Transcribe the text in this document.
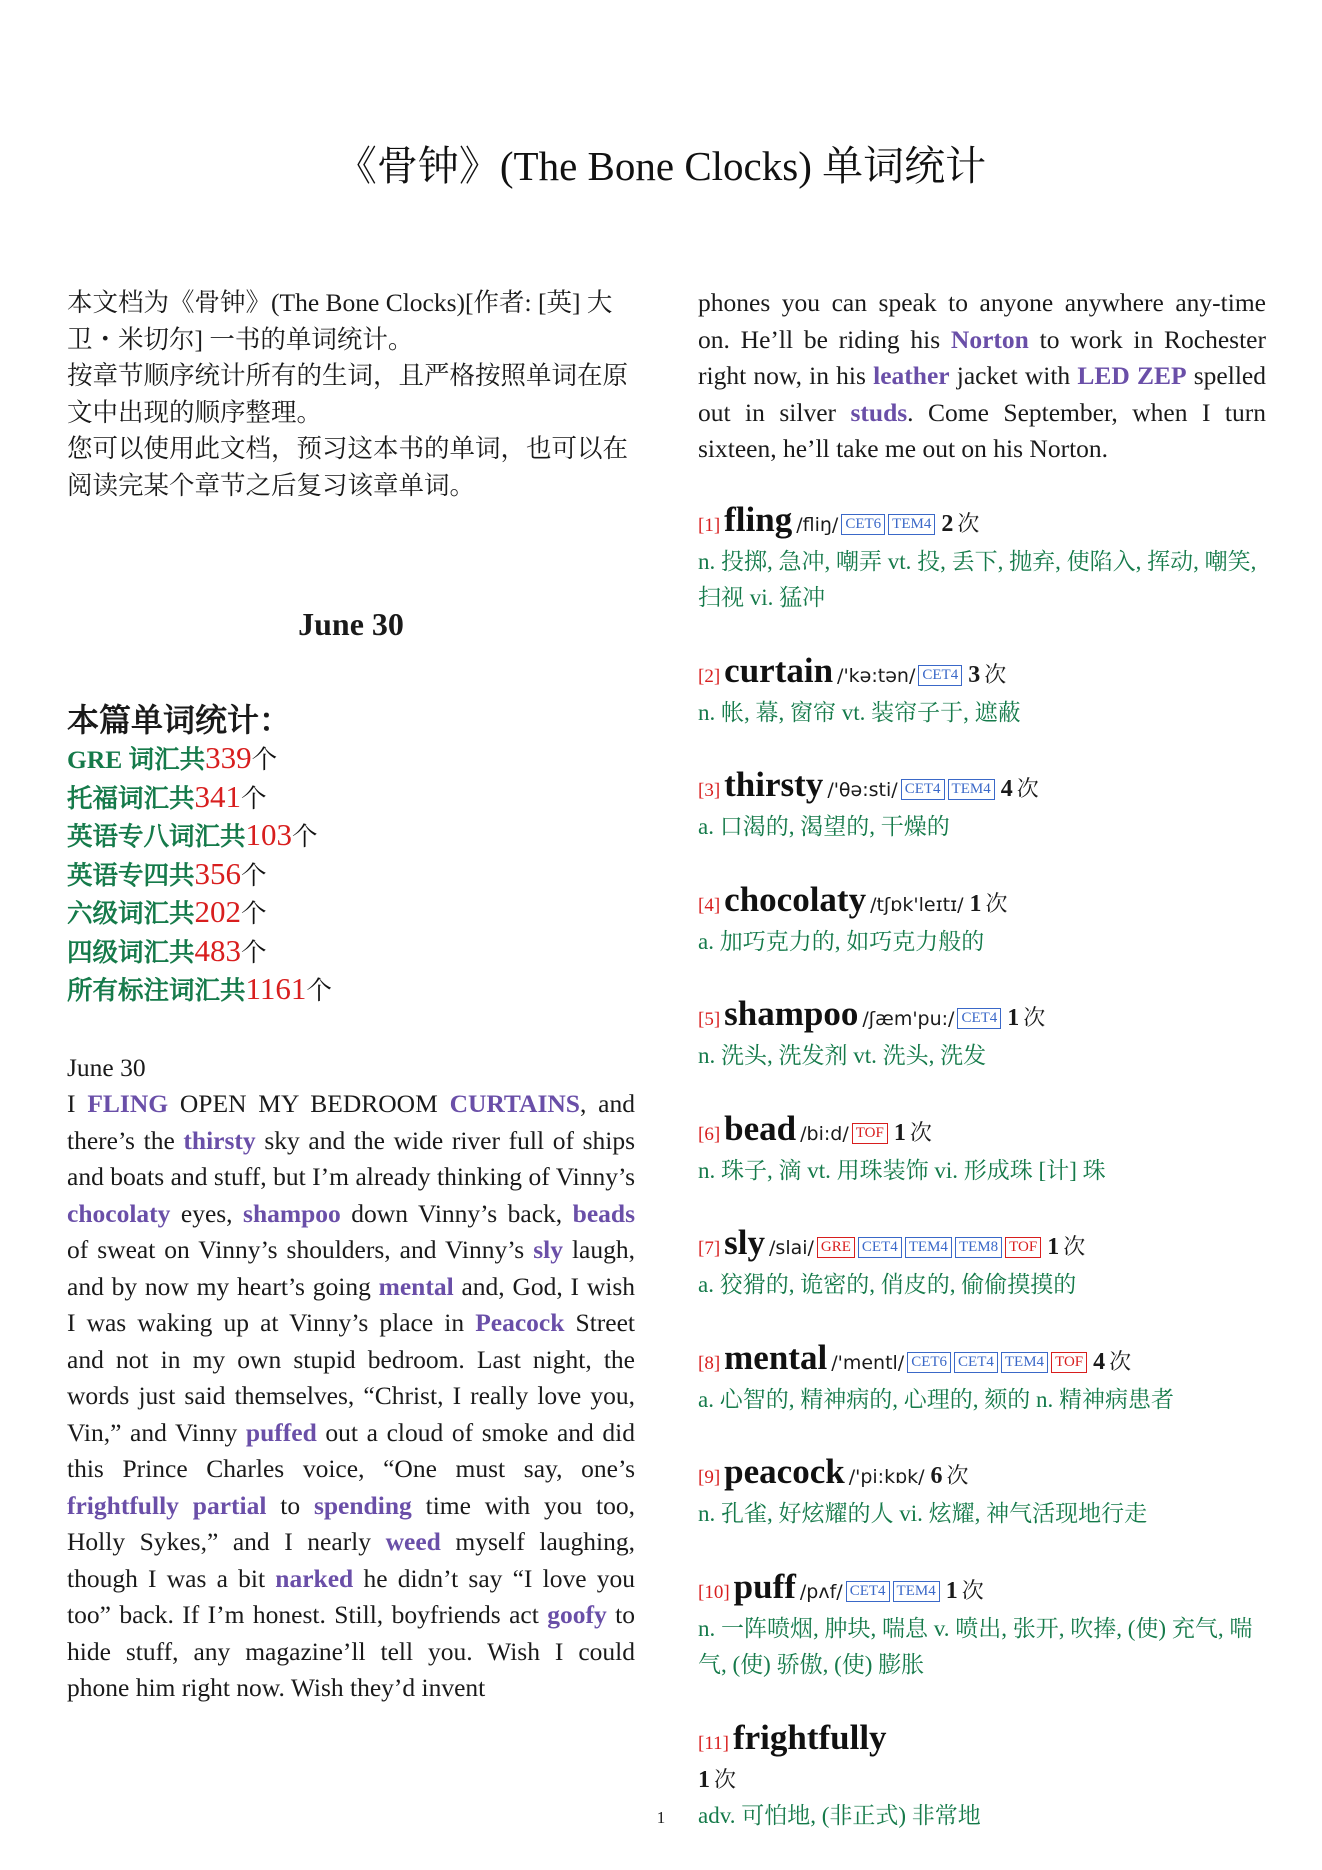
《骨钟》(The Bone Clocks) 单词统计

本文档为《骨钟》(The Bone Clocks)[作者: [英] 大卫・米切尔] 一书的单词统计。

按章节顺序统计所有的生词，且严格按照单词在原文中出现的顺序整理。

您可以使用此文档，预习这本书的单词，也可以在阅读完某个章节之后复习该章单词。

June 30
本篇单词统计：
GRE 词汇共339个
托福词汇共341个
英语专八词汇共103个
英语专四共356个
六级词汇共202个
四级词汇共483个
所有标注词汇共1161个
June 30

I FLING OPEN MY BEDROOM CURTAINS, and there’s the thirsty sky and the wide river full of ships and boats and stuff, but I’m already thinking of Vinny’s chocolaty eyes, shampoo down Vinny’s back, beads of sweat on Vinny’s shoulders, and Vinny’s sly laugh, and by now my heart’s going mental and, God, I wish I was waking up at Vinny’s place in Peacock Street and not in my own stupid bedroom. Last night, the words just said themselves, “Christ, I really love you, Vin,” and Vinny puffed out a cloud of smoke and did this Prince Charles voice, “One must say, one’s frightfully partial to spending time with you too, Holly Sykes,” and I nearly weed myself laughing, though I was a bit narked he didn’t say “I love you too” back. If I’m honest. Still, boyfriends act goofy to hide stuff, any magazine’ll tell you. Wish I could phone him right now. Wish they’d invent

phones you can speak to anyone anywhere any-time on. He’ll be riding his Norton to work in Rochester right now, in his leather jacket with LED ZEP spelled out in silver studs. Come September, when I turn sixteen, he’ll take me out on his Norton.

[1] fling /fliŋ/ CET6 TEM4 2 次

n. 投掷, 急冲, 嘲弄 vt. 投, 丢下, 抛弃, 使陷入, 挥动, 嘲笑, 扫视 vi. 猛冲

[2] curtain /'kə:tən/ CET4 3 次

n. 帐, 幕, 窗帘 vt. 装帘子于, 遮蔽

[3] thirsty /'θə:sti/ CET4 TEM4 4 次

a. 口渴的, 渴望的, 干燥的

[4] chocolaty /tʃɒk'leɪtɪ/ 1 次

a. 加巧克力的, 如巧克力般的

[5] shampoo /ʃæm'pu:/ CET4 1 次

n. 洗头, 洗发剂 vt. 洗头, 洗发

[6] bead /bi:d/ TOF 1 次

n. 珠子, 滴 vt. 用珠装饰 vi. 形成珠 [计] 珠

[7] sly /slai/ GRE CET4 TEM4 TEM8 TOF 1 次

a. 狡猾的, 诡密的, 俏皮的, 偷偷摸摸的

[8] mental /'mentl/ CET6 CET4 TEM4 TOF 4 次

a. 心智的, 精神病的, 心理的, 颏的 n. 精神病患者

[9] peacock /'pi:kɒk/ 6 次

n. 孔雀, 好炫耀的人 vi. 炫耀, 神气活现地行走

[10] puff /pʌf/ CET4 TEM4 1 次

n. 一阵喷烟, 肿块, 喘息 v. 喷出, 张开, 吹捧, (使) 充气, 喘气, (使) 骄傲, (使) 膨胀

[11] frightfully
1 次

adv. 可怕地, (非正式) 非常地

1
